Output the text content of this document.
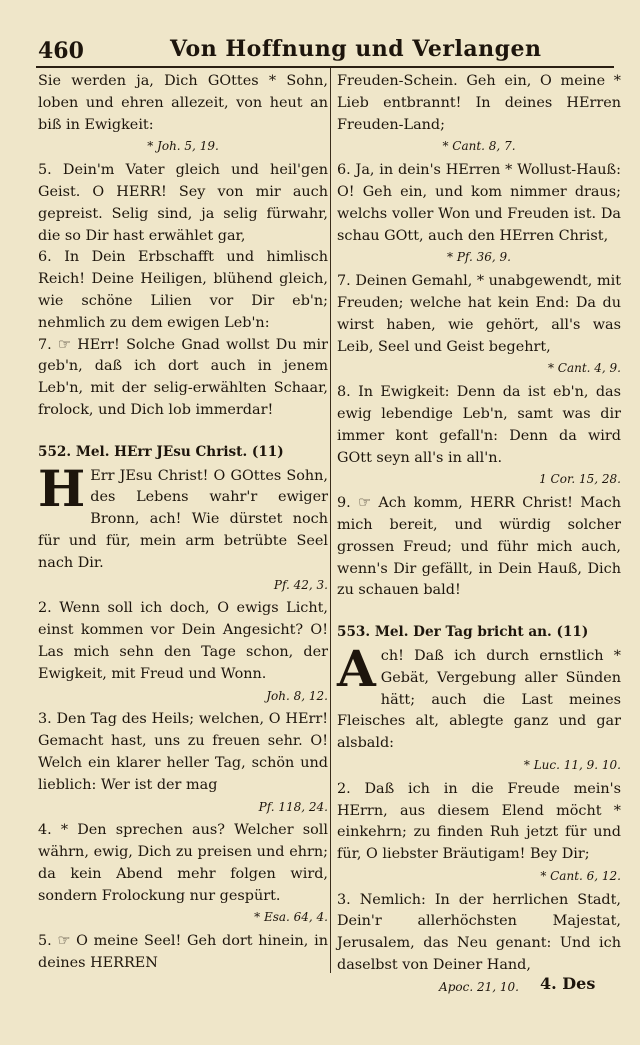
460	Von Hoffnung und Verlangen

Sie werden ja, Dich GOttes * Sohn, loben und ehren allezeit, von heut an biß in Ewigkeit:

* Joh. 5, 19.

5. Dein'm Vater gleich und heil'gen Geist. O HERR! Sey von mir auch gepreist. Selig sind, ja selig fürwahr, die so Dir hast erwählet gar,

6. In Dein Erbschafft und himlisch Reich! Deine Heiligen, blühend gleich, wie schöne Lilien vor Dir eb'n; nehmlich zu dem ewigen Leb'n:

7. ☞ HErr! Solche Gnad wollst Du mir geb'n, daß ich dort auch in jenem Leb'n, mit der selig-erwählten Schaar, frolock, und Dich lob immerdar!

552. Mel. HErr JEsu Christ. (11)

H Err JEsu Christ! O GOttes Sohn, des Lebens wahr'r ewiger Bronn, ach! Wie dürstet noch für und für, mein arm betrübte Seel nach Dir.

Pf. 42, 3.

2. Wenn soll ich doch, O ewigs Licht, einst kommen vor Dein Angesicht? O! Las mich sehn den Tage schon, der Ewigkeit, mit Freud und Wonn.

Joh. 8, 12.

3. Den Tag des Heils; welchen, O HErr! Gemacht hast, uns zu freuen sehr. O! Welch ein klarer heller Tag, schön und lieblich: Wer ist der mag

Pf. 118, 24.

4. * Den sprechen aus? Welcher soll währn, ewig, Dich zu preisen und ehrn; da kein Abend mehr folgen wird, sondern Frolockung nur gespürt.

* Esa. 64, 4.

5. ☞ O meine Seel! Geh dort hinein, in deines HERREN

Freuden-Schein. Geh ein, O meine * Lieb entbrannt! In deines HErren Freuden-Land;

* Cant. 8, 7.

6. Ja, in dein's HErren * Wollust-Hauß: O! Geh ein, und kom nimmer draus; welchs voller Won und Freuden ist. Da schau GOtt, auch den HErren Christ,

* Pf. 36, 9.

7. Deinen Gemahl, * unabgewendt, mit Freuden; welche hat kein End: Da du wirst haben, wie gehört, all's was Leib, Seel und Geist begehrt,

* Cant. 4, 9.

8. In Ewigkeit: Denn da ist eb'n, das ewig lebendige Leb'n, samt was dir immer kont gefall'n: Denn da wird GOtt seyn all's in all'n.

1 Cor. 15, 28.

9. ☞ Ach komm, HERR Christ! Mach mich bereit, und würdig solcher grossen Freud; und führ mich auch, wenn's Dir gefällt, in Dein Hauß, Dich zu schauen bald!

553. Mel. Der Tag bricht an. (11)

Ach! Daß ich durch ernstlich * Gebät, Vergebung aller Sünden hätt; auch die Last meines Fleisches alt, ablegte ganz und gar alsbald:

* Luc. 11, 9. 10.

2. Daß ich in die Freude mein's HErrn, aus diesem Elend möcht * einkehrn; zu finden Ruh jetzt für und für, O liebster Bräutigam! Bey Dir;

* Cant. 6, 12.

3. Nemlich: In der herrlichen Stadt, Dein'r allerhöchsten Majestat, Jerusalem, das Neu genant: Und ich daselbst von Deiner Hand,

Apoc. 21, 10.	4. Des
